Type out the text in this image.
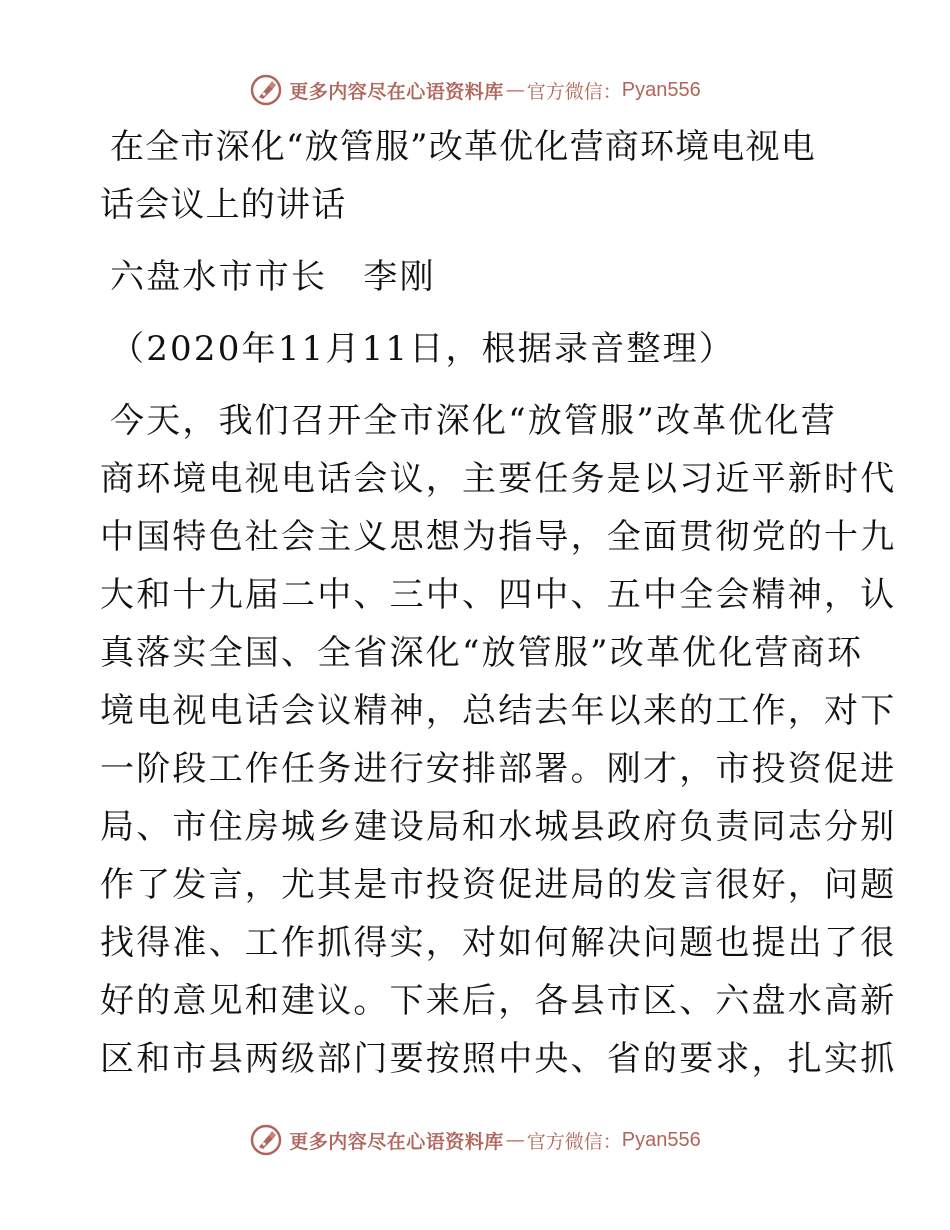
更多内容尽在心语资料库 — 官方微信： Pyan556
在全市深化“放管服”改革优化营商环境电视电
话会议上的讲话
六盘水市市长　李刚
（2020年11月11日，根据录音整理）
今天，我们召开全市深化“放管服”改革优化营
商环境电视电话会议，主要任务是以习近平新时代
中国特色社会主义思想为指导，全面贯彻党的十九
大和十九届二中、三中、四中、五中全会精神，认
真落实全国、全省深化“放管服”改革优化营商环
境电视电话会议精神，总结去年以来的工作，对下
一阶段工作任务进行安排部署。刚才，市投资促进
局、市住房城乡建设局和水城县政府负责同志分别
作了发言，尤其是市投资促进局的发言很好，问题
找得准、工作抓得实，对如何解决问题也提出了很
好的意见和建议。下来后，各县市区、六盘水高新
区和市县两级部门要按照中央、省的要求，扎实抓
更多内容尽在心语资料库 — 官方微信： Pyan556
